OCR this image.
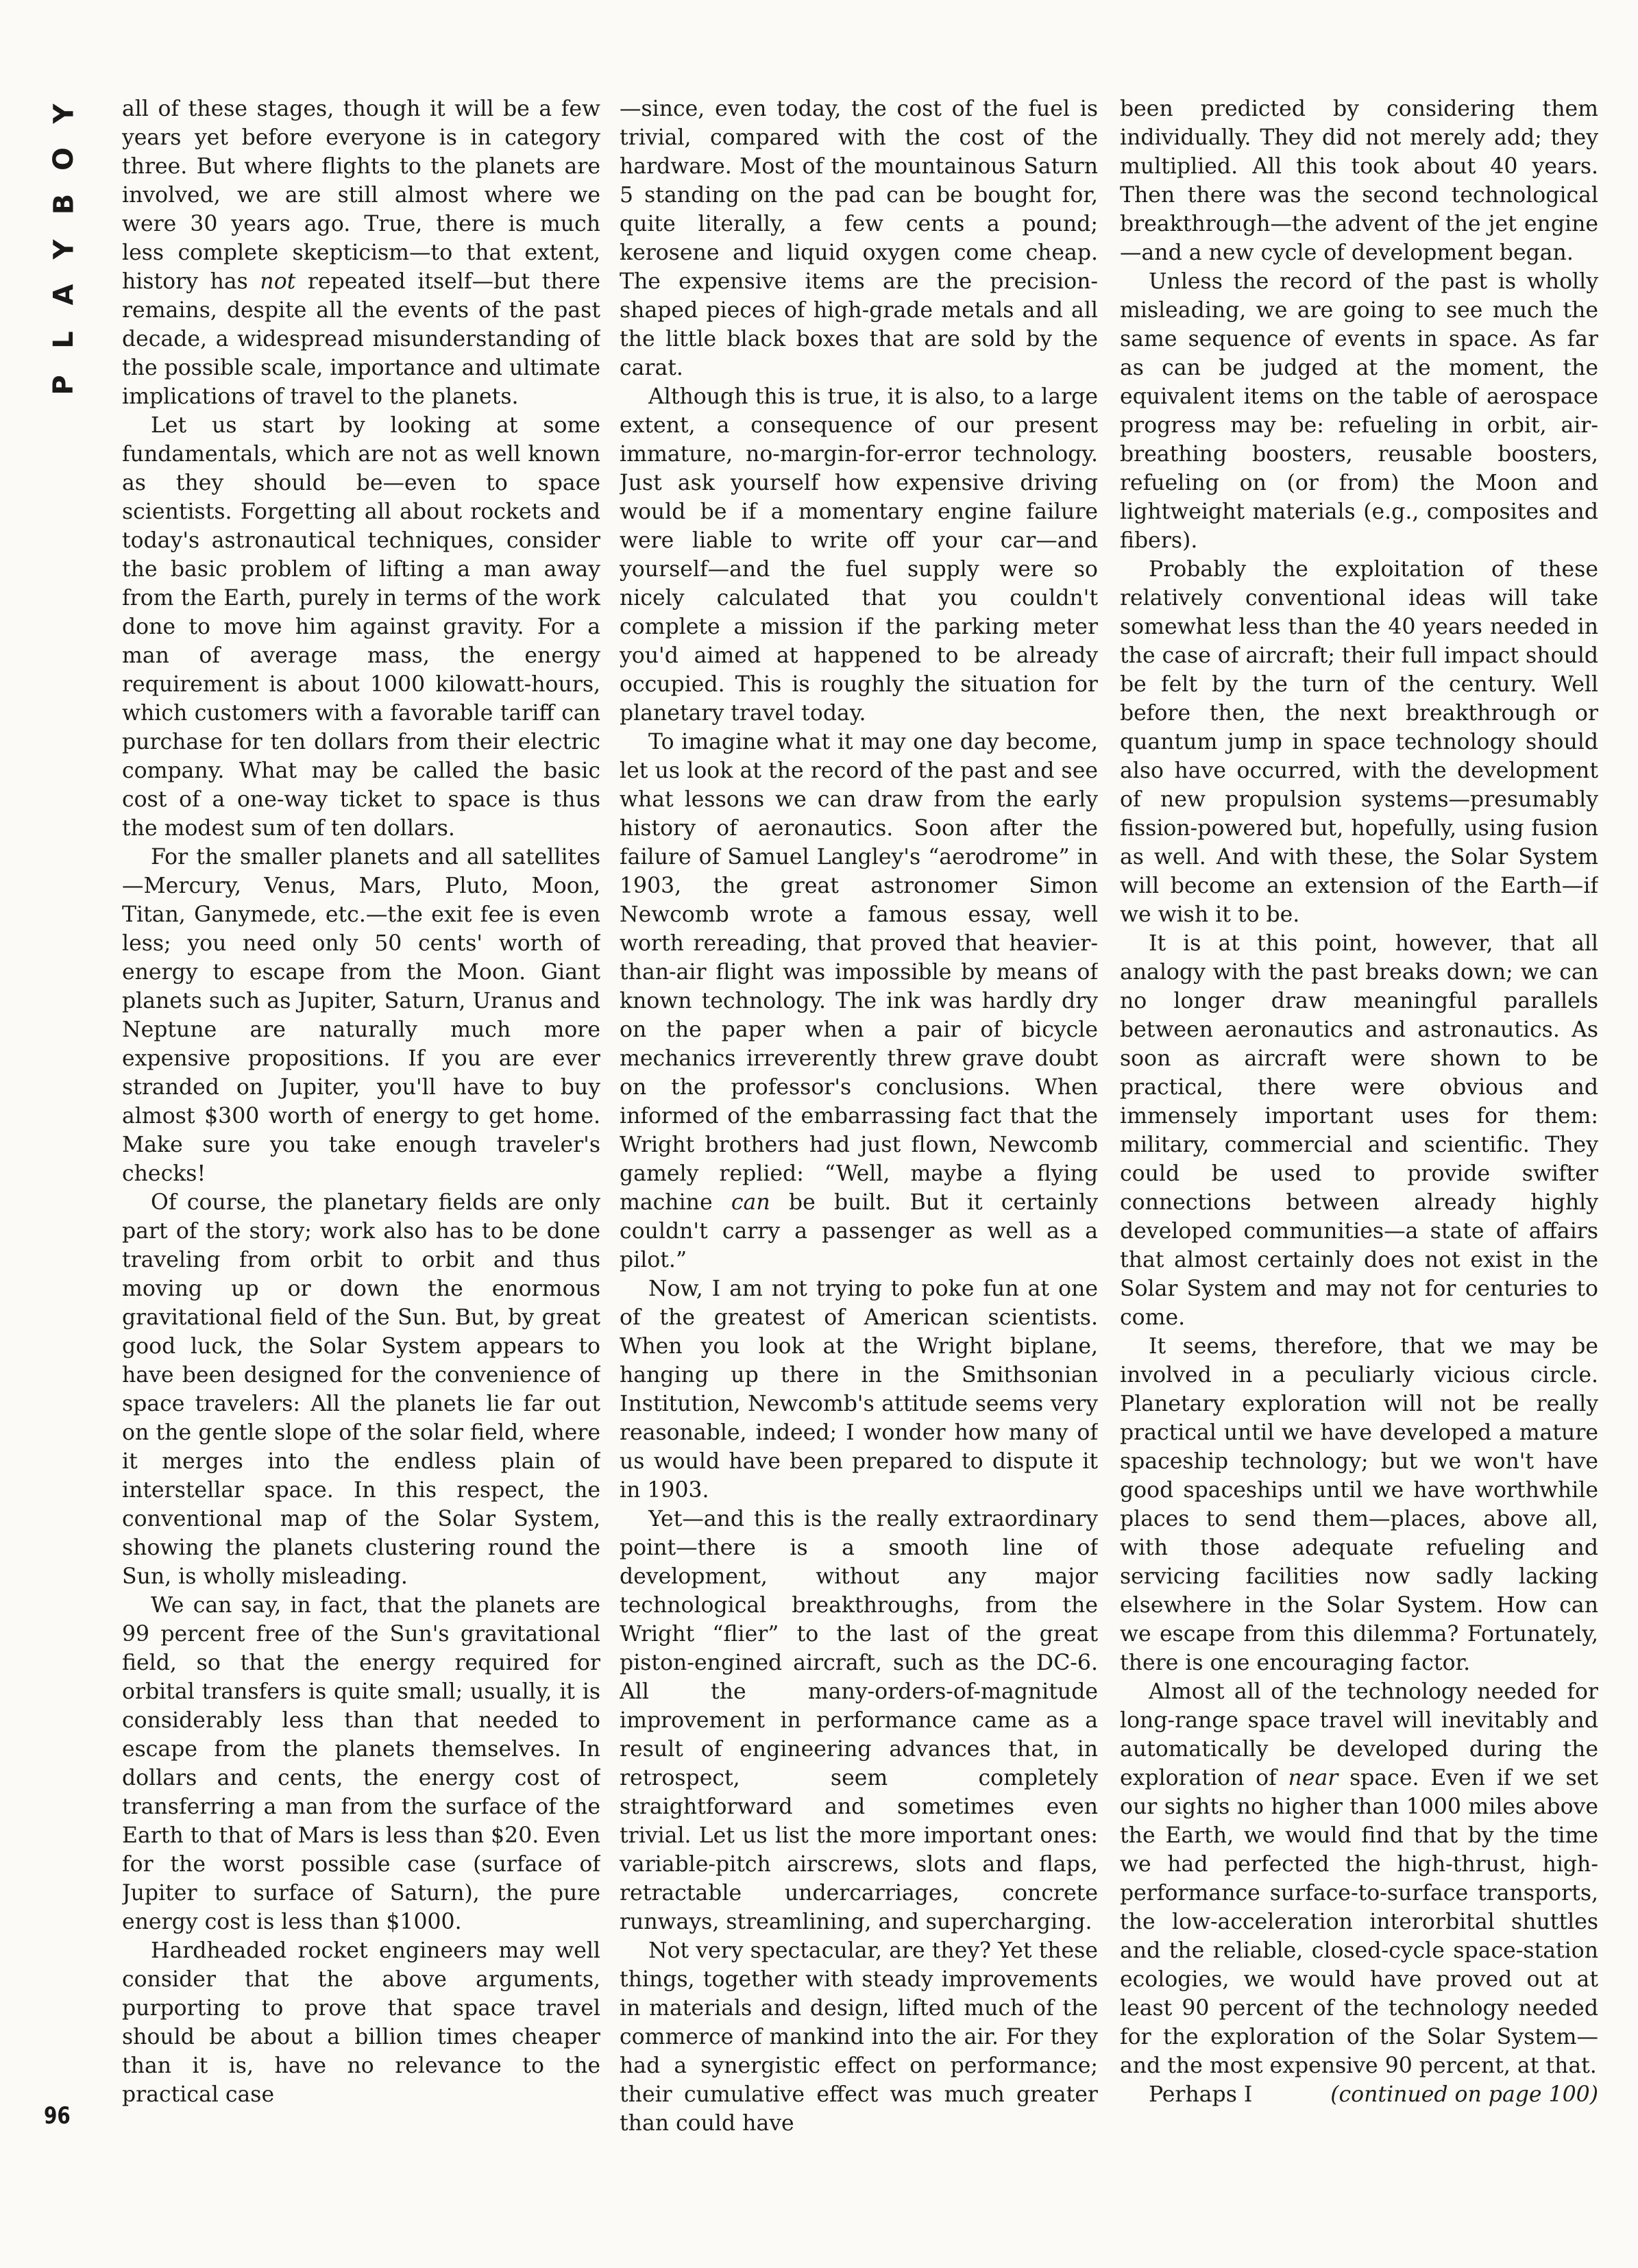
Y
O
B
Y
A
L
P
96

all of these stages, though it will be a few years yet before everyone is in category three. But where flights to the planets are involved, we are still almost where we were 30 years ago. True, there is much less complete skepticism—to that extent, history has not repeated itself—but there remains, despite all the events of the past decade, a widespread misunderstanding of the possible scale, importance and ultimate implications of travel to the planets.

Let us start by looking at some fundamentals, which are not as well known as they should be—even to space scientists. Forgetting all about rockets and today's astronautical techniques, consider the basic problem of lifting a man away from the Earth, purely in terms of the work done to move him against gravity. For a man of average mass, the energy requirement is about 1000 kilowatt-hours, which customers with a favorable tariff can purchase for ten dollars from their electric company. What may be called the basic cost of a one-way ticket to space is thus the modest sum of ten dollars.

For the smaller planets and all satellites—Mercury, Venus, Mars, Pluto, Moon, Titan, Ganymede, etc.—the exit fee is even less; you need only 50 cents' worth of energy to escape from the Moon. Giant planets such as Jupiter, Saturn, Uranus and Neptune are naturally much more expensive propositions. If you are ever stranded on Jupiter, you'll have to buy almost $300 worth of energy to get home. Make sure you take enough traveler's checks!

Of course, the planetary fields are only part of the story; work also has to be done traveling from orbit to orbit and thus moving up or down the enormous gravitational field of the Sun. But, by great good luck, the Solar System appears to have been designed for the convenience of space travelers: All the planets lie far out on the gentle slope of the solar field, where it merges into the endless plain of interstellar space. In this respect, the conventional map of the Solar System, showing the planets clustering round the Sun, is wholly misleading.

We can say, in fact, that the planets are 99 percent free of the Sun's gravitational field, so that the energy required for orbital transfers is quite small; usually, it is considerably less than that needed to escape from the planets themselves. In dollars and cents, the energy cost of transferring a man from the surface of the Earth to that of Mars is less than $20. Even for the worst possible case (surface of Jupiter to surface of Saturn), the pure energy cost is less than $1000.

Hardheaded rocket engineers may well consider that the above arguments, purporting to prove that space travel should be about a billion times cheaper than it is, have no relevance to the practical case

—since, even today, the cost of the fuel is trivial, compared with the cost of the hardware. Most of the mountainous Saturn 5 standing on the pad can be bought for, quite literally, a few cents a pound; kerosene and liquid oxygen come cheap. The expensive items are the precision-shaped pieces of high-grade metals and all the little black boxes that are sold by the carat.

Although this is true, it is also, to a large extent, a consequence of our present immature, no-margin-for-error technology. Just ask yourself how expensive driving would be if a momentary engine failure were liable to write off your car—and yourself—and the fuel supply were so nicely calculated that you couldn't complete a mission if the parking meter you'd aimed at happened to be already occupied. This is roughly the situation for planetary travel today.

To imagine what it may one day become, let us look at the record of the past and see what lessons we can draw from the early history of aeronautics. Soon after the failure of Samuel Langley's “aerodrome” in 1903, the great astronomer Simon Newcomb wrote a famous essay, well worth rereading, that proved that heavier-than-air flight was impossible by means of known technology. The ink was hardly dry on the paper when a pair of bicycle mechanics irreverently threw grave doubt on the professor's conclusions. When informed of the embarrassing fact that the Wright brothers had just flown, Newcomb gamely replied: “Well, maybe a flying machine can be built. But it certainly couldn't carry a passenger as well as a pilot.”

Now, I am not trying to poke fun at one of the greatest of American scientists. When you look at the Wright biplane, hanging up there in the Smithsonian Institution, Newcomb's attitude seems very reasonable, indeed; I wonder how many of us would have been prepared to dispute it in 1903.

Yet—and this is the really extraordinary point—there is a smooth line of development, without any major technological breakthroughs, from the Wright “flier” to the last of the great piston-engined aircraft, such as the DC-6. All the many-orders-of-magnitude improvement in performance came as a result of engineering advances that, in retrospect, seem completely straightforward and sometimes even trivial. Let us list the more important ones: variable-pitch airscrews, slots and flaps, retractable undercarriages, concrete runways, streamlining, and supercharging.

Not very spectacular, are they? Yet these things, together with steady improvements in materials and design, lifted much of the commerce of mankind into the air. For they had a synergistic effect on performance; their cumulative effect was much greater than could have

been predicted by considering them individually. They did not merely add; they multiplied. All this took about 40 years. Then there was the second technological breakthrough—the advent of the jet engine—and a new cycle of development began.

Unless the record of the past is wholly misleading, we are going to see much the same sequence of events in space. As far as can be judged at the moment, the equivalent items on the table of aerospace progress may be: refueling in orbit, air-breathing boosters, reusable boosters, refueling on (or from) the Moon and lightweight materials (e.g., composites and fibers).

Probably the exploitation of these relatively conventional ideas will take somewhat less than the 40 years needed in the case of aircraft; their full impact should be felt by the turn of the century. Well before then, the next breakthrough or quantum jump in space technology should also have occurred, with the development of new propulsion systems—presumably fission-powered but, hopefully, using fusion as well. And with these, the Solar System will become an extension of the Earth—if we wish it to be.

It is at this point, however, that all analogy with the past breaks down; we can no longer draw meaningful parallels between aeronautics and astronautics. As soon as aircraft were shown to be practical, there were obvious and immensely important uses for them: military, commercial and scientific. They could be used to provide swifter connections between already highly developed communities—a state of affairs that almost certainly does not exist in the Solar System and may not for centuries to come.

It seems, therefore, that we may be involved in a peculiarly vicious circle. Planetary exploration will not be really practical until we have developed a mature spaceship technology; but we won't have good spaceships until we have worthwhile places to send them—places, above all, with those adequate refueling and servicing facilities now sadly lacking elsewhere in the Solar System. How can we escape from this dilemma? Fortunately, there is one encouraging factor.

Almost all of the technology needed for long-range space travel will inevitably and automatically be developed during the exploration of near space. Even if we set our sights no higher than 1000 miles above the Earth, we would find that by the time we had perfected the high-thrust, high-performance surface-to-surface transports, the low-acceleration interorbital shuttles and the reliable, closed-cycle space-station ecologies, we would have proved out at least 90 percent of the technology needed for the exploration of the Solar System—and the most expensive 90 percent, at that.

Perhaps I	(continued on page 100)
